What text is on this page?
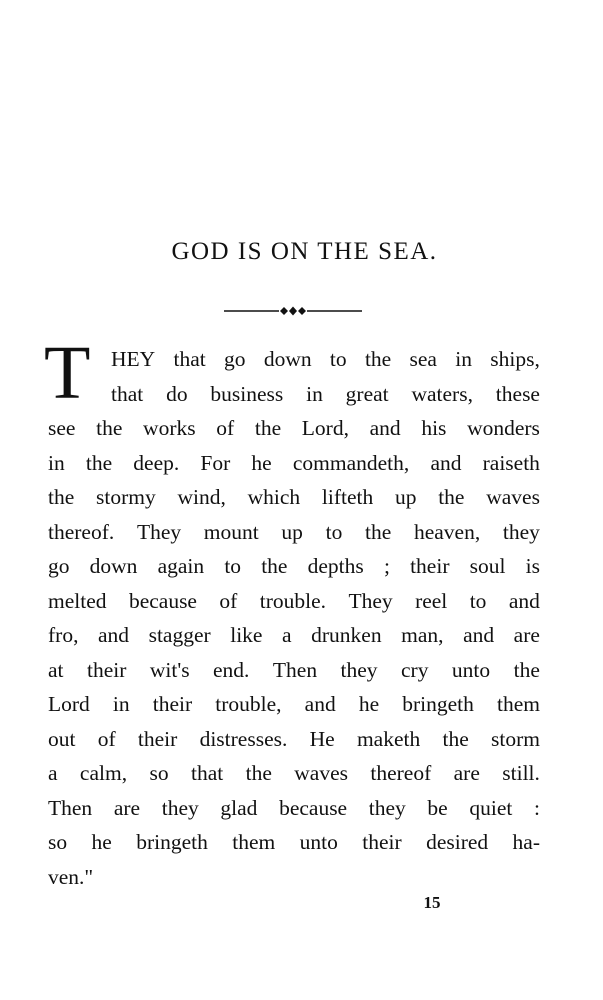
GOD IS ON THE SEA.
T HEY that go down to the sea in ships,
that do business in great waters, these
see the works of the Lord, and his wonders
in the deep. For he commandeth, and raiseth
the stormy wind, which lifteth up the waves
thereof. They mount up to the heaven, they
go down again to the depths ; their soul is
melted because of trouble. They reel to and
fro, and stagger like a drunken man, and are
at their wit's end. Then they cry unto the
Lord in their trouble, and he bringeth them
out of their distresses. He maketh the storm
a calm, so that the waves thereof are still.
Then are they glad because they be quiet :
so he bringeth them unto their desired ha-
ven."

15
